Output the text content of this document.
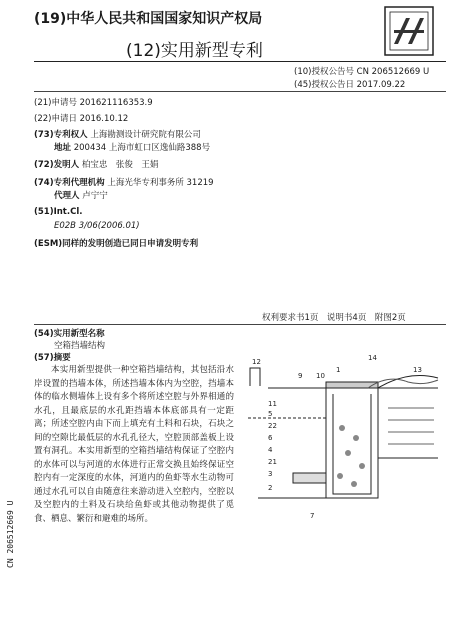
(19)中华人民共和国国家知识产权局
(12)实用新型专利
(10)授权公告号 CN 206512669 U
(45)授权公告日 2017.09.22
(21)申请号 201621116353.9
(22)申请日 2016.10.12
(73)专利权人 上海勘测设计研究院有限公司
地址 200434 上海市虹口区逸仙路388号
(72)发明人 柏宝忠　张俊　王娟
(74)专利代理机构 上海光华专利事务所 31219
代理人 卢宁宁
(51)Int.Cl.
E02B 3/06(2006.01)
(ESM)同样的发明创造已同日申请发明专利
权利要求书1页　说明书4页　附图2页
(54)实用新型名称
空箱挡墙结构
(57)摘要
本实用新型提供一种空箱挡墙结构，其包括沿水岸设置的挡墙本体，所述挡墙本体内为空腔，挡墙本体的临水侧墙体上设有多个将所述空腔与外界相通的水孔，且最底层的水孔距挡墙本体底部具有一定距离；所述空腔内由下而上填充有土料和石块，石块之间的空隙比最低层的水孔孔径大，空腔顶部盖板上设置有洞孔。本实用新型的空箱挡墙结构保证了空腔内的水体可以与河道的水体进行正常交换且始终保证空腔内有一定深度的水体，河道内的鱼虾等水生动物可通过水孔可以自由随意往来游动进入空腔内，空腔以及空腔内的土料及石块给鱼虾或其他动物提供了觅食、栖息、繁衍和避难的场所。
12	14
1
9 10
13
11
5
22
6
4
21
3
2
7
CN 206512669 U
